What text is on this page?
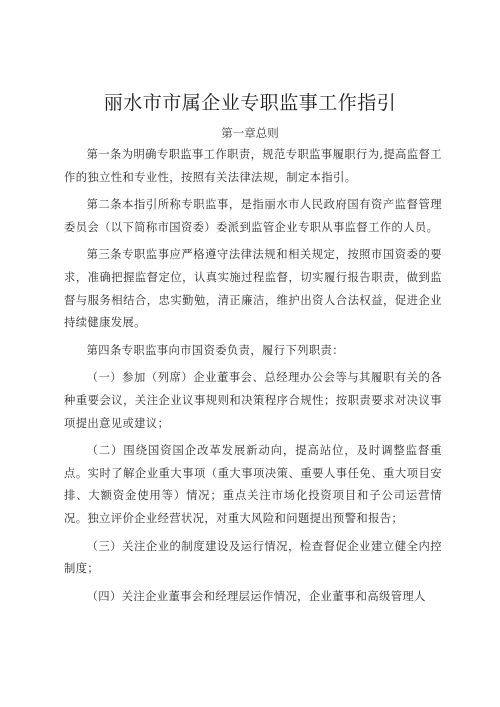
丽水市市属企业专职监事工作指引
第一章总则

第一条为明确专职监事工作职责，规范专职监事履职行为,提高监督工作的独立性和专业性，按照有关法律法规，制定本指引。

第二条本指引所称专职监事，是指丽水市人民政府国有资产监督管理委员会（以下简称市国资委）委派到监管企业专职从事监督工作的人员。

第三条专职监事应严格遵守法律法规和相关规定，按照市国资委的要求，准确把握监督定位，认真实施过程监督，切实履行报告职责，做到监督与服务相结合，忠实勤勉，清正廉洁，维护出资人合法权益，促进企业持续健康发展。

第四条专职监事向市国资委负责，履行下列职责：

（一）参加（列席）企业董事会、总经理办公会等与其履职有关的各种重要会议，关注企业议事规则和决策程序合规性；按职责要求对决议事项提出意见或建议；

（二）围绕国资国企改革发展新动向，提高站位，及时调整监督重点。实时了解企业重大事项（重大事项决策、重要人事任免、重大项目安排、大额资金使用等）情况；重点关注市场化投资项目和子公司运营情况。独立评价企业经营状况，对重大风险和问题提出预警和报告；

（三）关注企业的制度建设及运行情况，检查督促企业建立健全内控制度；

（四）关注企业董事会和经理层运作情况，企业董事和高级管理人
